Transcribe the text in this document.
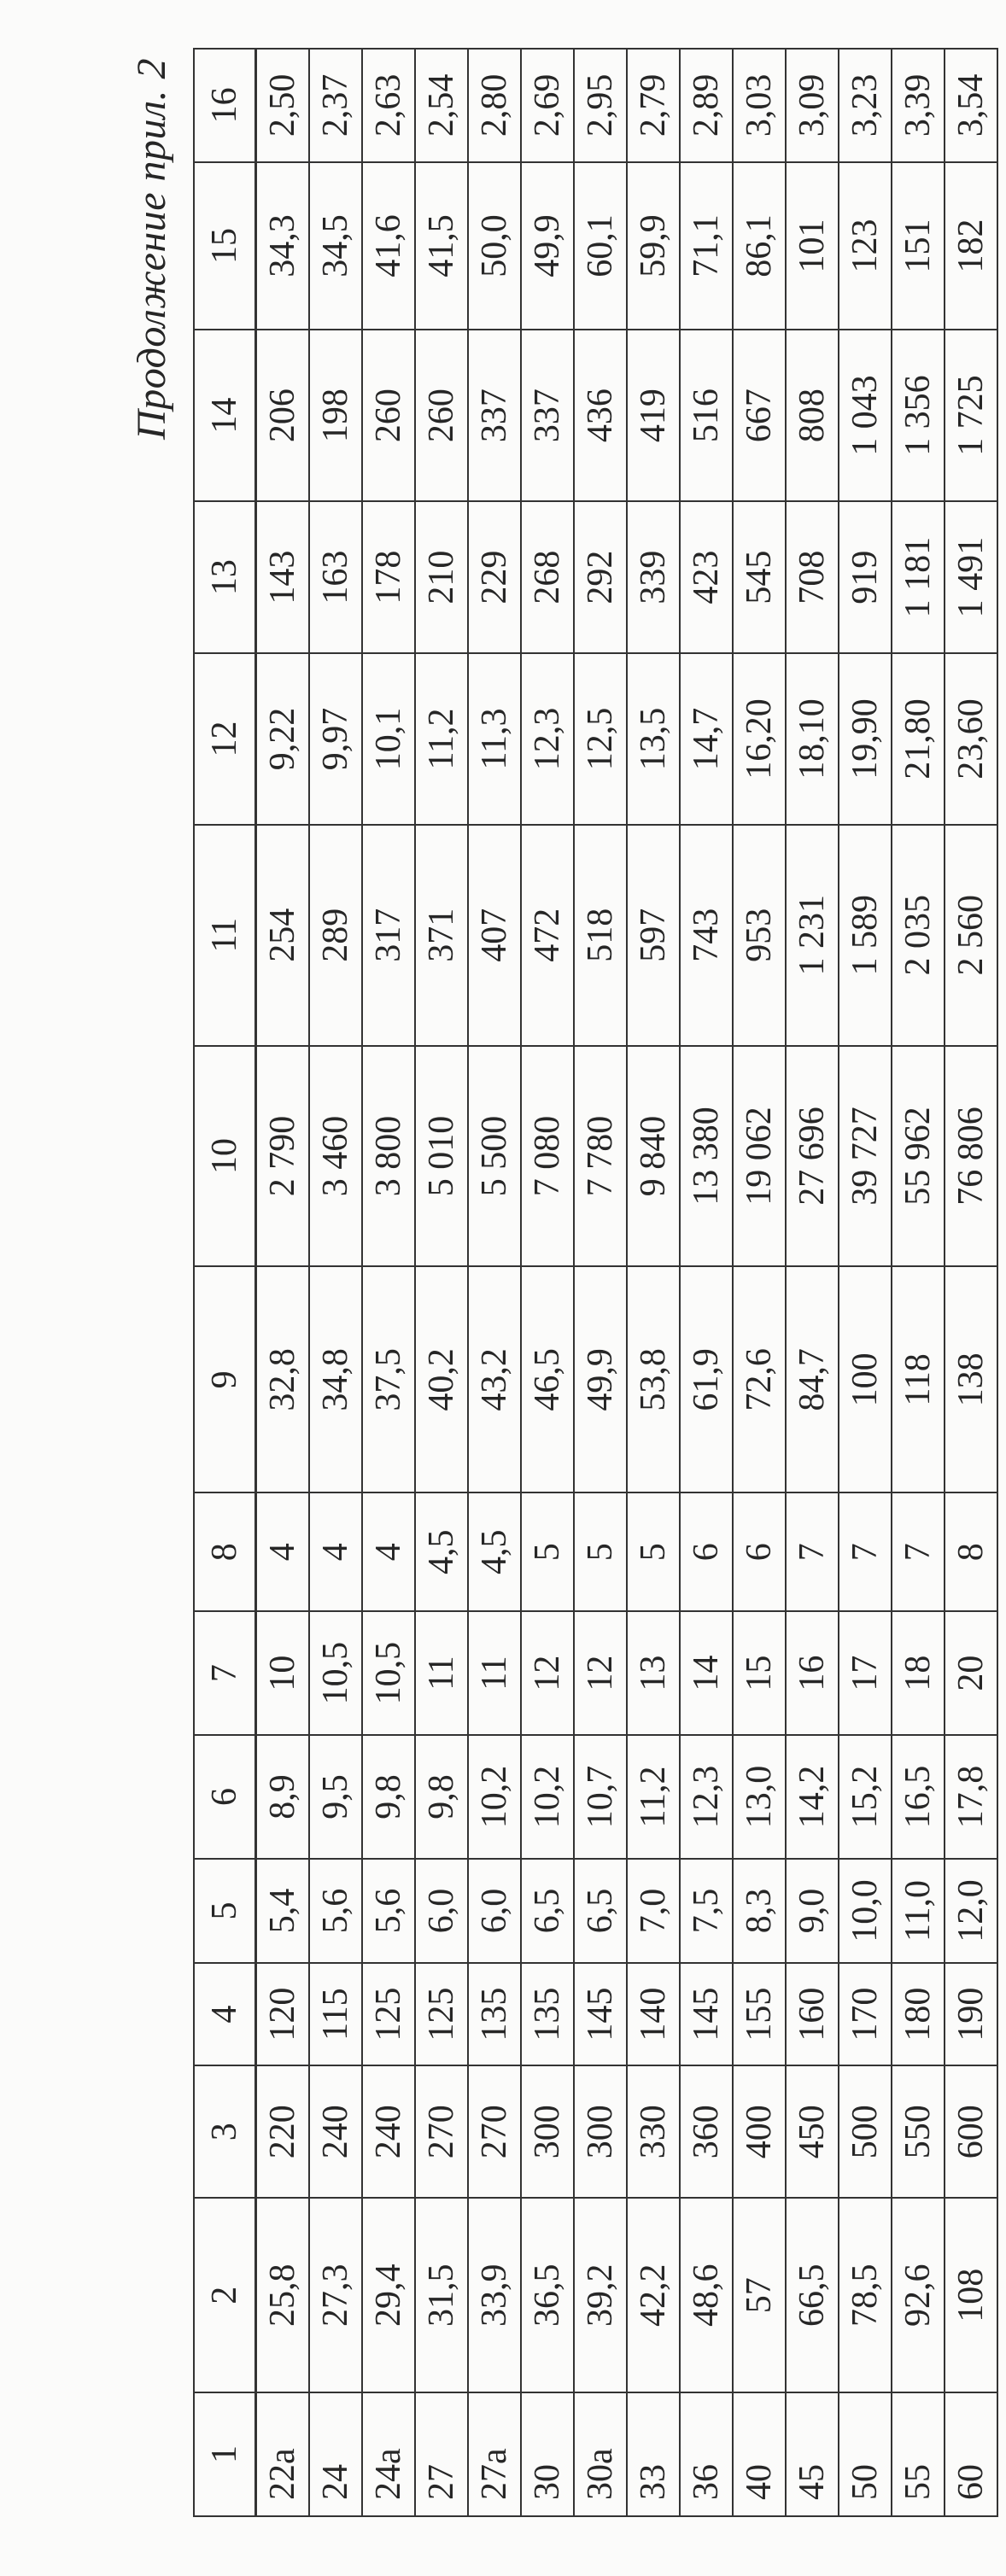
Продолжение прил. 2
1	2	3	4	5	6	7	8	9	10	11	12	13	14	15	16
22a	25,8	220	120	5,4	8,9	10	4	32,8	2 790	254	9,22	143	206	34,3	2,50
24	27,3	240	115	5,6	9,5	10,5	4	34,8	3 460	289	9,97	163	198	34,5	2,37
24a	29,4	240	125	5,6	9,8	10,5	4	37,5	3 800	317	10,1	178	260	41,6	2,63
27	31,5	270	125	6,0	9,8	11	4,5	40,2	5 010	371	11,2	210	260	41,5	2,54
27a	33,9	270	135	6,0	10,2	11	4,5	43,2	5 500	407	11,3	229	337	50,0	2,80
30	36,5	300	135	6,5	10,2	12	5	46,5	7 080	472	12,3	268	337	49,9	2,69
30a	39,2	300	145	6,5	10,7	12	5	49,9	7 780	518	12,5	292	436	60,1	2,95
33	42,2	330	140	7,0	11,2	13	5	53,8	9 840	597	13,5	339	419	59,9	2,79
36	48,6	360	145	7,5	12,3	14	6	61,9	13 380	743	14,7	423	516	71,1	2,89
40	57	400	155	8,3	13,0	15	6	72,6	19 062	953	16,20	545	667	86,1	3,03
45	66,5	450	160	9,0	14,2	16	7	84,7	27 696	1 231	18,10	708	808	101	3,09
50	78,5	500	170	10,0	15,2	17	7	100	39 727	1 589	19,90	919	1 043	123	3,23
55	92,6	550	180	11,0	16,5	18	7	118	55 962	2 035	21,80	1 181	1 356	151	3,39
60	108	600	190	12,0	17,8	20	8	138	76 806	2 560	23,60	1 491	1 725	182	3,54
